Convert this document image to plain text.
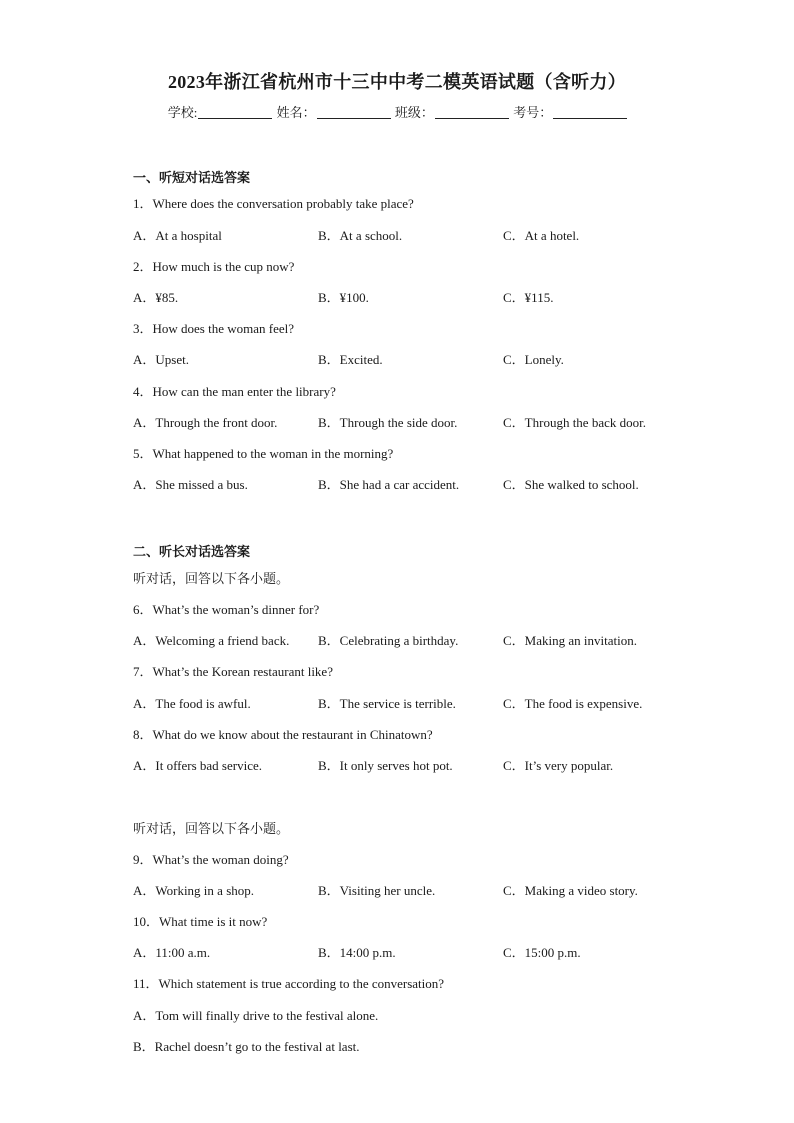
2023年浙江省杭州市十三中中考二模英语试题（含听力）
学校:	姓名：	班级：	考号：
一、听短对话选答案
1．Where does the conversation probably take place?
A．At a hospital	B．At a school.	C．At a hotel.
2．How much is the cup now?
A．¥85.	B．¥100.	C．¥115.
3．How does the woman feel?
A．Upset.	B．Excited.	C．Lonely.
4．How can the man enter the library?
A．Through the front door.	B．Through the side door.	C．Through the back door.
5．What happened to the woman in the morning?
A．She missed a bus.	B．She had a car accident.	C．She walked to school.
二、听长对话选答案
听对话，回答以下各小题。
6．What’s the woman’s dinner for?
A．Welcoming a friend back. B．Celebrating a birthday.	C．Making an invitation.
7．What’s the Korean restaurant like?
A．The food is awful.	B．The service is terrible.	C．The food is expensive.
8．What do we know about the restaurant in Chinatown?
A．It offers bad service.	B．It only serves hot pot.	C．It’s very popular.
听对话，回答以下各小题。
9．What’s the woman doing?
A．Working in a shop.	B．Visiting her uncle.	C．Making a video story.
10．What time is it now?
A．11:00 a.m.	B．14:00 p.m.	C．15:00 p.m.
11．Which statement is true according to the conversation?
A．Tom will finally drive to the festival alone.
B．Rachel doesn’t go to the festival at last.
